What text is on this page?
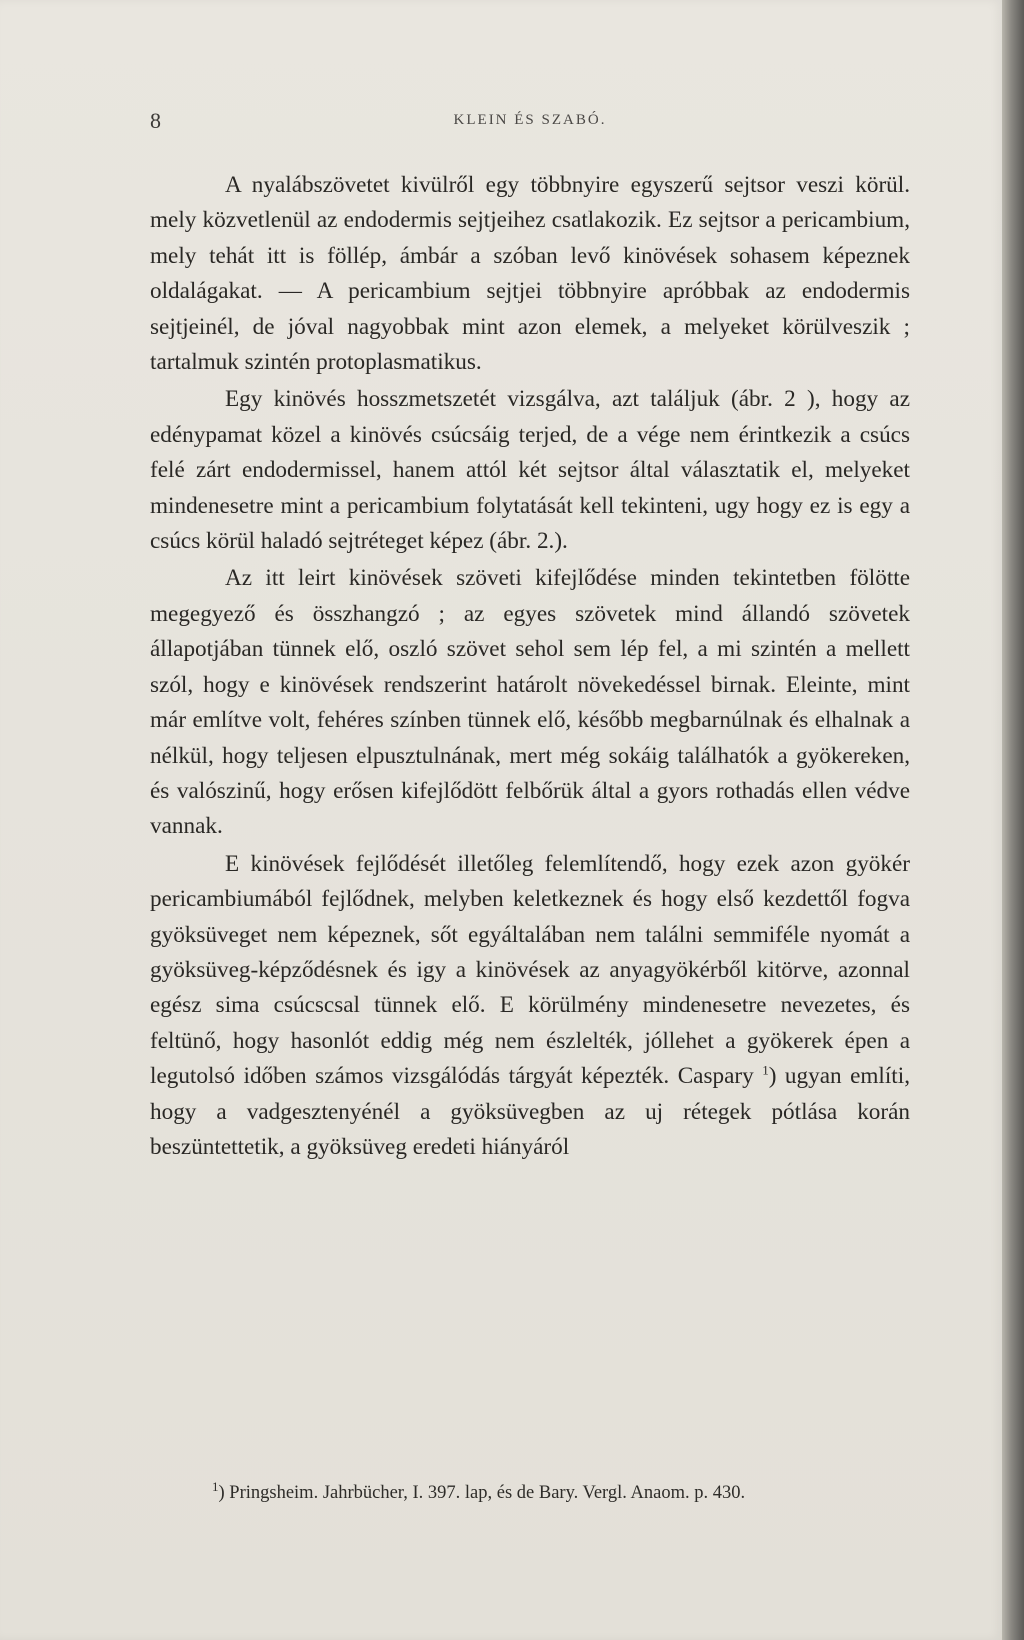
8	KLEIN ÉS SZABÓ.

A nyalábszövetet kivülről egy többnyire egyszerű sejtsor veszi körül. mely közvetlenül az endodermis sejtjeihez csatlakozik. Ez sejtsor a pericambium, mely tehát itt is föllép, ámbár a szóban levő kinövések sohasem képeznek oldalágakat. — A pericambium sejtjei többnyire apróbbak az endodermis sejtjeinél, de jóval nagyobbak mint azon elemek, a melyeket körülveszik ; tartalmuk szintén protoplasmatikus.

Egy kinövés hosszmetszetét vizsgálva, azt találjuk (ábr. 2 ), hogy az edénypamat közel a kinövés csúcsáig terjed, de a vége nem érintkezik a csúcs felé zárt endodermissel, hanem attól két sejtsor által választatik el, melyeket mindenesetre mint a pericambium folytatását kell tekinteni, ugy hogy ez is egy a csúcs körül haladó sejtréteget képez (ábr. 2.).

Az itt leirt kinövések szöveti kifejlődése minden tekintetben fölötte megegyező és összhangzó ; az egyes szövetek mind állandó szövetek állapotjában tünnek elő, oszló szövet sehol sem lép fel, a mi szintén a mellett szól, hogy e kinövések rendszerint határolt növekedéssel birnak. Eleinte, mint már említve volt, fehéres színben tünnek elő, később megbarnúlnak és elhalnak a nélkül, hogy teljesen elpusztulnának, mert még sokáig találhatók a gyökereken, és valószinű, hogy erősen kifejlődött felbőrük által a gyors rothadás ellen védve vannak.

E kinövések fejlődését illetőleg felemlítendő, hogy ezek azon gyökér pericambiumából fejlődnek, melyben keletkeznek és hogy első kezdettől fogva gyöksüveget nem képeznek, sőt egyáltalában nem találni semmiféle nyomát a gyöksüveg-képződésnek és igy a kinövések az anyagyökérből kitörve, azonnal egész sima csúcscsal tünnek elő. E körülmény mindenesetre nevezetes, és feltünő, hogy hasonlót eddig még nem észlelték, jóllehet a gyökerek épen a legutolsó időben számos vizsgálódás tárgyát képezték. Caspary $^1$) ugyan említi, hogy a vadgesztenyénél a gyöksüvegben az uj rétegek pótlása korán beszüntettetik, a gyöksüveg eredeti hiányáról

$^1$) Pringsheim. Jahrbücher, I. 397. lap, és de Bary. Vergl. Anaom. p. 430.
